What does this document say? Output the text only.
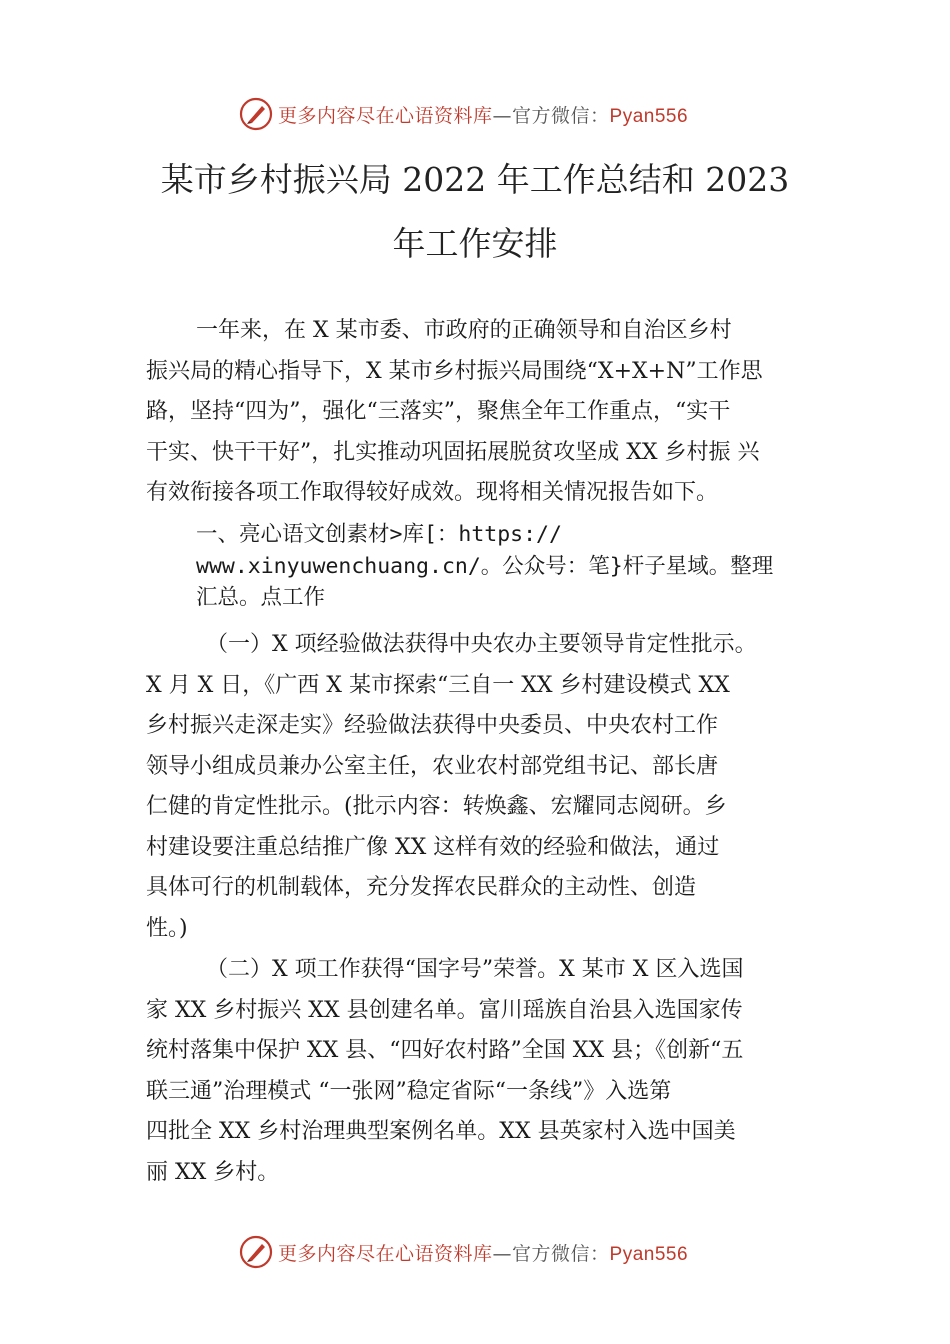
更多内容尽在心语资料库—官方微信：Pyan556
某市乡村振兴局 2022 年工作总结和 2023
年工作安排
一年来，在 X 某市委、市政府的正确领导和自治区乡村
振兴局的精心指导下，X 某市乡村振兴局围绕“X+X+N”工作思
路，坚持“四为”，强化“三落实”，聚焦全年工作重点，“实干
干实、快干干好”，扎实推动巩固拓展脱贫攻坚成 XX 乡村振 兴
有效衔接各项工作取得较好成效。现将相关情况报告如下。
一、亮心语文创素材>库[：https://
www.xinyuwenchuang.cn/。公众号：笔}杆子星域。整理
汇总。点工作
（一）X 项经验做法获得中央农办主要领导肯定性批示。
X 月 X 日，《广西 X 某市探索“三自一 XX 乡村建设模式 XX
乡村振兴走深走实》经验做法获得中央委员、中央农村工作
领导小组成员兼办公室主任，农业农村部党组书记、部长唐
仁健的肯定性批示。(批示内容：转焕鑫、宏耀同志阅研。乡
村建设要注重总结推广像 XX 这样有效的经验和做法，通过
具体可行的机制载体，充分发挥农民群众的主动性、创造
性。)
（二）X 项工作获得“国字号”荣誉。X 某市 X 区入选国
家 XX 乡村振兴 XX 县创建名单。富川瑶族自治县入选国家传
统村落集中保护 XX 县、“四好农村路”全国 XX 县；《创新“五
联三通”治理模式 “一张网”稳定省际“一条线”》入选第
四批全 XX 乡村治理典型案例名单。XX 县英家村入选中国美
丽 XX 乡村。
更多内容尽在心语资料库—官方微信：Pyan556
